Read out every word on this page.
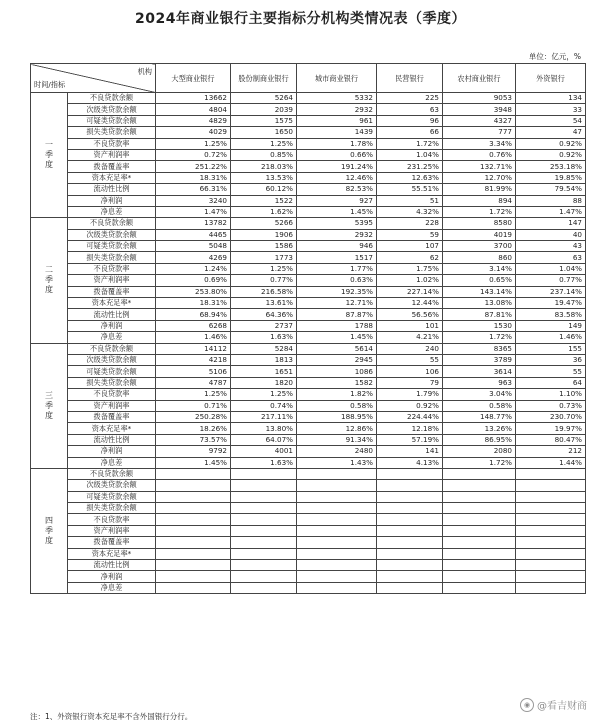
2024年商业银行主要指标分机构类情况表（季度）
单位：亿元，%
机构
时间/指标		大型商业银行	股份制商业银行	城市商业银行	民营银行	农村商业银行	外资银行
一
季
度	不良贷款余额	13662	5264	5332	225	9053	134
	次级类贷款余额	4804	2039	2932	63	3948	33
	可疑类贷款余额	4829	1575	961	96	4327	54
	损失类贷款余额	4029	1650	1439	66	777	47
	不良贷款率	1.25%	1.25%	1.78%	1.72%	3.34%	0.92%
	资产利润率	0.72%	0.85%	0.66%	1.04%	0.76%	0.92%
	拨备覆盖率	251.22%	218.03%	191.24%	231.25%	132.71%	253.18%
	资本充足率*	18.31%	13.53%	12.46%	12.63%	12.70%	19.85%
	流动性比例	66.31%	60.12%	82.53%	55.51%	81.99%	79.54%
	净利润	3240	1522	927	51	894	88
	净息差	1.47%	1.62%	1.45%	4.32%	1.72%	1.47%
二
季
度	不良贷款余额	13782	5266	5395	228	8580	147
	次级类贷款余额	4465	1906	2932	59	4019	40
	可疑类贷款余额	5048	1586	946	107	3700	43
	损失类贷款余额	4269	1773	1517	62	860	63
	不良贷款率	1.24%	1.25%	1.77%	1.75%	3.14%	1.04%
	资产利润率	0.69%	0.77%	0.63%	1.02%	0.65%	0.77%
	拨备覆盖率	253.80%	216.58%	192.35%	227.14%	143.14%	237.14%
	资本充足率*	18.31%	13.61%	12.71%	12.44%	13.08%	19.47%
	流动性比例	68.94%	64.36%	87.87%	56.56%	87.81%	83.58%
	净利润	6268	2737	1788	101	1530	149
	净息差	1.46%	1.63%	1.45%	4.21%	1.72%	1.46%
三
季
度	不良贷款余额	14112	5284	5614	240	8365	155
	次级类贷款余额	4218	1813	2945	55	3789	36
	可疑类贷款余额	5106	1651	1086	106	3614	55
	损失类贷款余额	4787	1820	1582	79	963	64
	不良贷款率	1.25%	1.25%	1.82%	1.79%	3.04%	1.10%
	资产利润率	0.71%	0.74%	0.58%	0.92%	0.58%	0.73%
	拨备覆盖率	250.28%	217.11%	188.95%	224.44%	148.77%	230.70%
	资本充足率*	18.26%	13.80%	12.86%	12.18%	13.26%	19.97%
	流动性比例	73.57%	64.07%	91.34%	57.19%	86.95%	80.47%
	净利润	9792	4001	2480	141	2080	212
	净息差	1.45%	1.63%	1.43%	4.13%	1.72%	1.44%
四
季
度	不良贷款余额						
	次级类贷款余额						
	可疑类贷款余额						
	损失类贷款余额						
	不良贷款率						
	资产利润率						
	拨备覆盖率						
	资本充足率*						
	流动性比例						
	净利润						
	净息差						
注：1、外资银行资本充足率不含外国银行分行。
◉ @看吉财商
